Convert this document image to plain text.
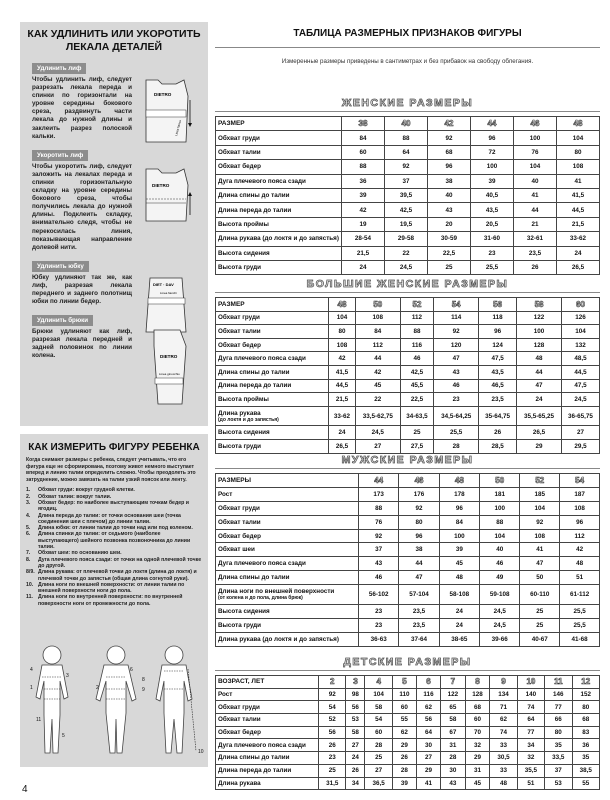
КАК УДЛИНИТЬ ИЛИ УКОРОТИТЬ ЛЕКАЛА ДЕТАЛЕЙ
Удлинить лиф

Чтобы удлинить лиф, следует разрезать лекала переда и спинки по горизонтали на уровне середины бокового среза, раздвинуть части лекала до нужной длины и заклеить разрез полоской кальки.

DIETRO
Linea fianco
Укоротить лиф

Чтобы укоротить лиф, следует заложить на лекалах переда и спинки горизонтальную складку на уровне середины бокового среза, чтобы получились лекала до нужной длины. Подклеить складку, внимательно следя, чтобы не перекосилась линия, показывающая направление долевой нити.

DIETRO
Удлинить юбку

Юбку удлиняют так же, как лиф, разрезая лекала переднего и заднего полотнищ юбки по линии бедер.

DIET · DAV
Linea fianchi
Удлинить брюки

Брюки удлиняют как лиф, разрезая лекала передней и задней половинок по линии колена.	DIETRO
Linea ginocchio
КАК ИЗМЕРИТЬ ФИГУРУ РЕБЕНКА
Когда снимают размеры с ребенка, следует учитывать, что его фигура еще не сформирована, поэтому живот немного выступает вперед и линию талии определить сложно. Чтобы преодолеть это затруднение, можно завязать на талии узкий поясок или ленту.
1.	Обхват груди: вокруг грудной клетки.
2.	Обхват талии: вокруг талии.
3.	Обхват бедер: по наиболее выступающим точкам бедер и ягодиц.
4.	Длина переда до талии: от точки основания шеи (точка соединения шеи с плечом) до линии талии.
5.	Длина юбки: от линии талии до точки над или под коленом.
6.	Длина спинки до талии: от седьмого (наиболее выступающего) шейного позвонка позвоночника до линии талии.
7.	Обхват шеи: по основанию шеи.
8.	Дуга плечевого пояса сзади: от точки на одной плечевой точке до другой.
8/9. Длина рукава: от плечевой точки до локтя (длина до локтя) и плечевой точки до запястья (общая длина согнутой руки).
10. Длина ноги по внешней поверхности: от линии талии по внешней поверхности ноги до пола.
11. Длина ноги по внутренней поверхности: по внутренней поверхности ноги от промежности до пола.
4
3
1
11
6
8
9
2
10
5
4
ТАБЛИЦА РАЗМЕРНЫХ ПРИЗНАКОВ ФИГУРЫ
Измеренные размеры приведены в сантиметрах и без прибавок на свободу облегания.
ЖЕНСКИЕ РАЗМЕРЫ
РАЗМЕР	38	40	42	44	46	48
Обхват груди	84	88	92	96	100	104
Обхват талии	60	64	68	72	76	80
Обхват бедер	88	92	96	100	104	108
Дуга плечевого пояса сзади	36	37	38	39	40	41
Длина спины до талии	39	39,5	40	40,5	41	41,5
Длина переда до талии	42	42,5	43	43,5	44	44,5
Высота проймы	19	19,5	20	20,5	21	21,5
Длина рукава (до локтя и до запястья)	28-54	29-58	30-59	31-60	32-61	33-62
Высота сидения	21,5	22	22,5	23	23,5	24
Высота груди	24	24,5	25	25,5	26	26,5
БОЛЬШИЕ ЖЕНСКИЕ РАЗМЕРЫ
РАЗМЕР	48	50	52	54	56	58	60
Обхват груди	104	108	112	114	118	122	126
Обхват талии	80	84	88	92	96	100	104
Обхват бедер	108	112	116	120	124	128	132
Дуга плечевого пояса сзади	42	44	46	47	47,5	48	48,5
Длина спины до талии	41,5	42	42,5	43	43,5	44	44,5
Длина переда до талии	44,5	45	45,5	46	46,5	47	47,5
Высота проймы	21,5	22	22,5	23	23,5	24	24,5
Длина рукава
(до локтя и до запястья)	33-62	33,5-62,75	34-63,5	34,5-64,25	35-64,75	35,5-65,25	36-65,75
Высота сидения	24	24,5	25	25,5	26	26,5	27
Высота груди	26,5	27	27,5	28	28,5	29	29,5
МУЖСКИЕ РАЗМЕРЫ
РАЗМЕРЫ	44	46	48	50	52	54
Рост	173	176	178	181	185	187
Обхват груди	88	92	96	100	104	108
Обхват талии	76	80	84	88	92	96
Обхват бедер	92	96	100	104	108	112
Обхват шеи	37	38	39	40	41	42
Дуга плечевого пояса сзади	43	44	45	46	47	48
Длина спины до талии	46	47	48	49	50	51
Длина ноги по внешней поверхности
(от колена и до пола, длина брюк)	56-102	57-104	58-108	59-108	60-110	61-112
Высота сидения	23	23,5	24	24,5	25	25,5
Высота груди	23	23,5	24	24,5	25	25,5
Длина рукава (до локтя и до запястья)	36-63	37-64	38-65	39-66	40-67	41-68
ДЕТСКИЕ РАЗМЕРЫ
ВОЗРАСТ, ЛЕТ	2	3	4	5	6	7	8	9	10	11	12
Рост	92	98	104	110	116	122	128	134	140	146	152
Обхват груди	54	56	58	60	62	65	68	71	74	77	80
Обхват талии	52	53	54	55	56	58	60	62	64	66	68
Обхват бедер	56	58	60	62	64	67	70	74	77	80	83
Дуга плечевого пояса сзади	26	27	28	29	30	31	32	33	34	35	36
Длина спины до талии	23	24	25	26	27	28	29	30,5	32	33,5	35
Длина переда до талии	25	26	27	28	29	30	31	33	35,5	37	38,5
Длина рукава	31,5	34	36,5	39	41	43	45	48	51	53	55
